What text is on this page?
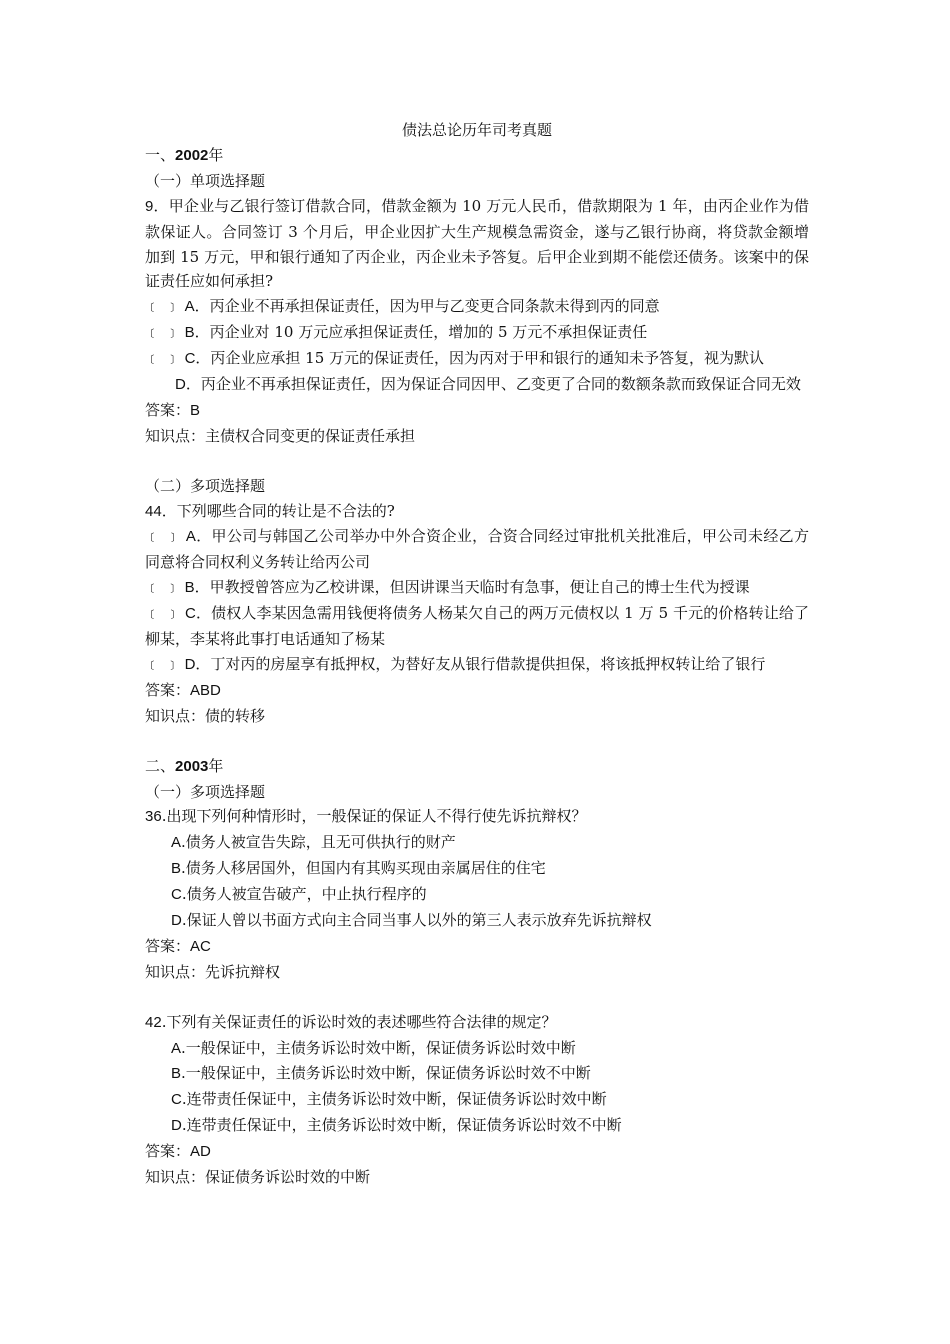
债法总论历年司考真题

一、2002年

（一）单项选择题

9．甲企业与乙银行签订借款合同，借款金额为 10 万元人民币，借款期限为 1 年，由丙企业作为借款保证人。合同签订 3 个月后，甲企业因扩大生产规模急需资金，遂与乙银行协商，将贷款金额增加到 15 万元，甲和银行通知了丙企业，丙企业未予答复。后甲企业到期不能偿还债务。该案中的保证责任应如何承担?

﹝ ﹞ A．丙企业不再承担保证责任，因为甲与乙变更合同条款未得到丙的同意

﹝ ﹞ B．丙企业对 10 万元应承担保证责任，增加的 5 万元不承担保证责任

﹝ ﹞ C．丙企业应承担 15 万元的保证责任，因为丙对于甲和银行的通知未予答复，视为默认

D．丙企业不再承担保证责任，因为保证合同因甲、乙变更了合同的数额条款而致保证合同无效

答案：B

知识点：主债权合同变更的保证责任承担

（二）多项选择题

44．下列哪些合同的转让是不合法的?

﹝ ﹞ A．甲公司与韩国乙公司举办中外合资企业，合资合同经过审批机关批准后，甲公司未经乙方同意将合同权利义务转让给丙公司

﹝ ﹞ B．甲教授曾答应为乙校讲课，但因讲课当天临时有急事，便让自己的博士生代为授课

﹝ ﹞ C．债权人李某因急需用钱便将债务人杨某欠自己的两万元债权以 1 万 5 千元的价格转让给了柳某，李某将此事打电话通知了杨某

﹝ ﹞ D．丁对丙的房屋享有抵押权，为替好友从银行借款提供担保，将该抵押权转让给了银行

答案：ABD

知识点：债的转移

二、2003年

（一）多项选择题

36.出现下列何种情形时，一般保证的保证人不得行使先诉抗辩权？

A.债务人被宣告失踪，且无可供执行的财产

B.债务人移居国外，但国内有其购买现由亲属居住的住宅

C.债务人被宣告破产，中止执行程序的

D.保证人曾以书面方式向主合同当事人以外的第三人表示放弃先诉抗辩权

答案：AC

知识点：先诉抗辩权

42.下列有关保证责任的诉讼时效的表述哪些符合法律的规定？

A.一般保证中，主债务诉讼时效中断，保证债务诉讼时效中断

B.一般保证中，主债务诉讼时效中断，保证债务诉讼时效不中断

C.连带责任保证中，主债务诉讼时效中断，保证债务诉讼时效中断

D.连带责任保证中，主债务诉讼时效中断，保证债务诉讼时效不中断

答案：AD

知识点：保证债务诉讼时效的中断
